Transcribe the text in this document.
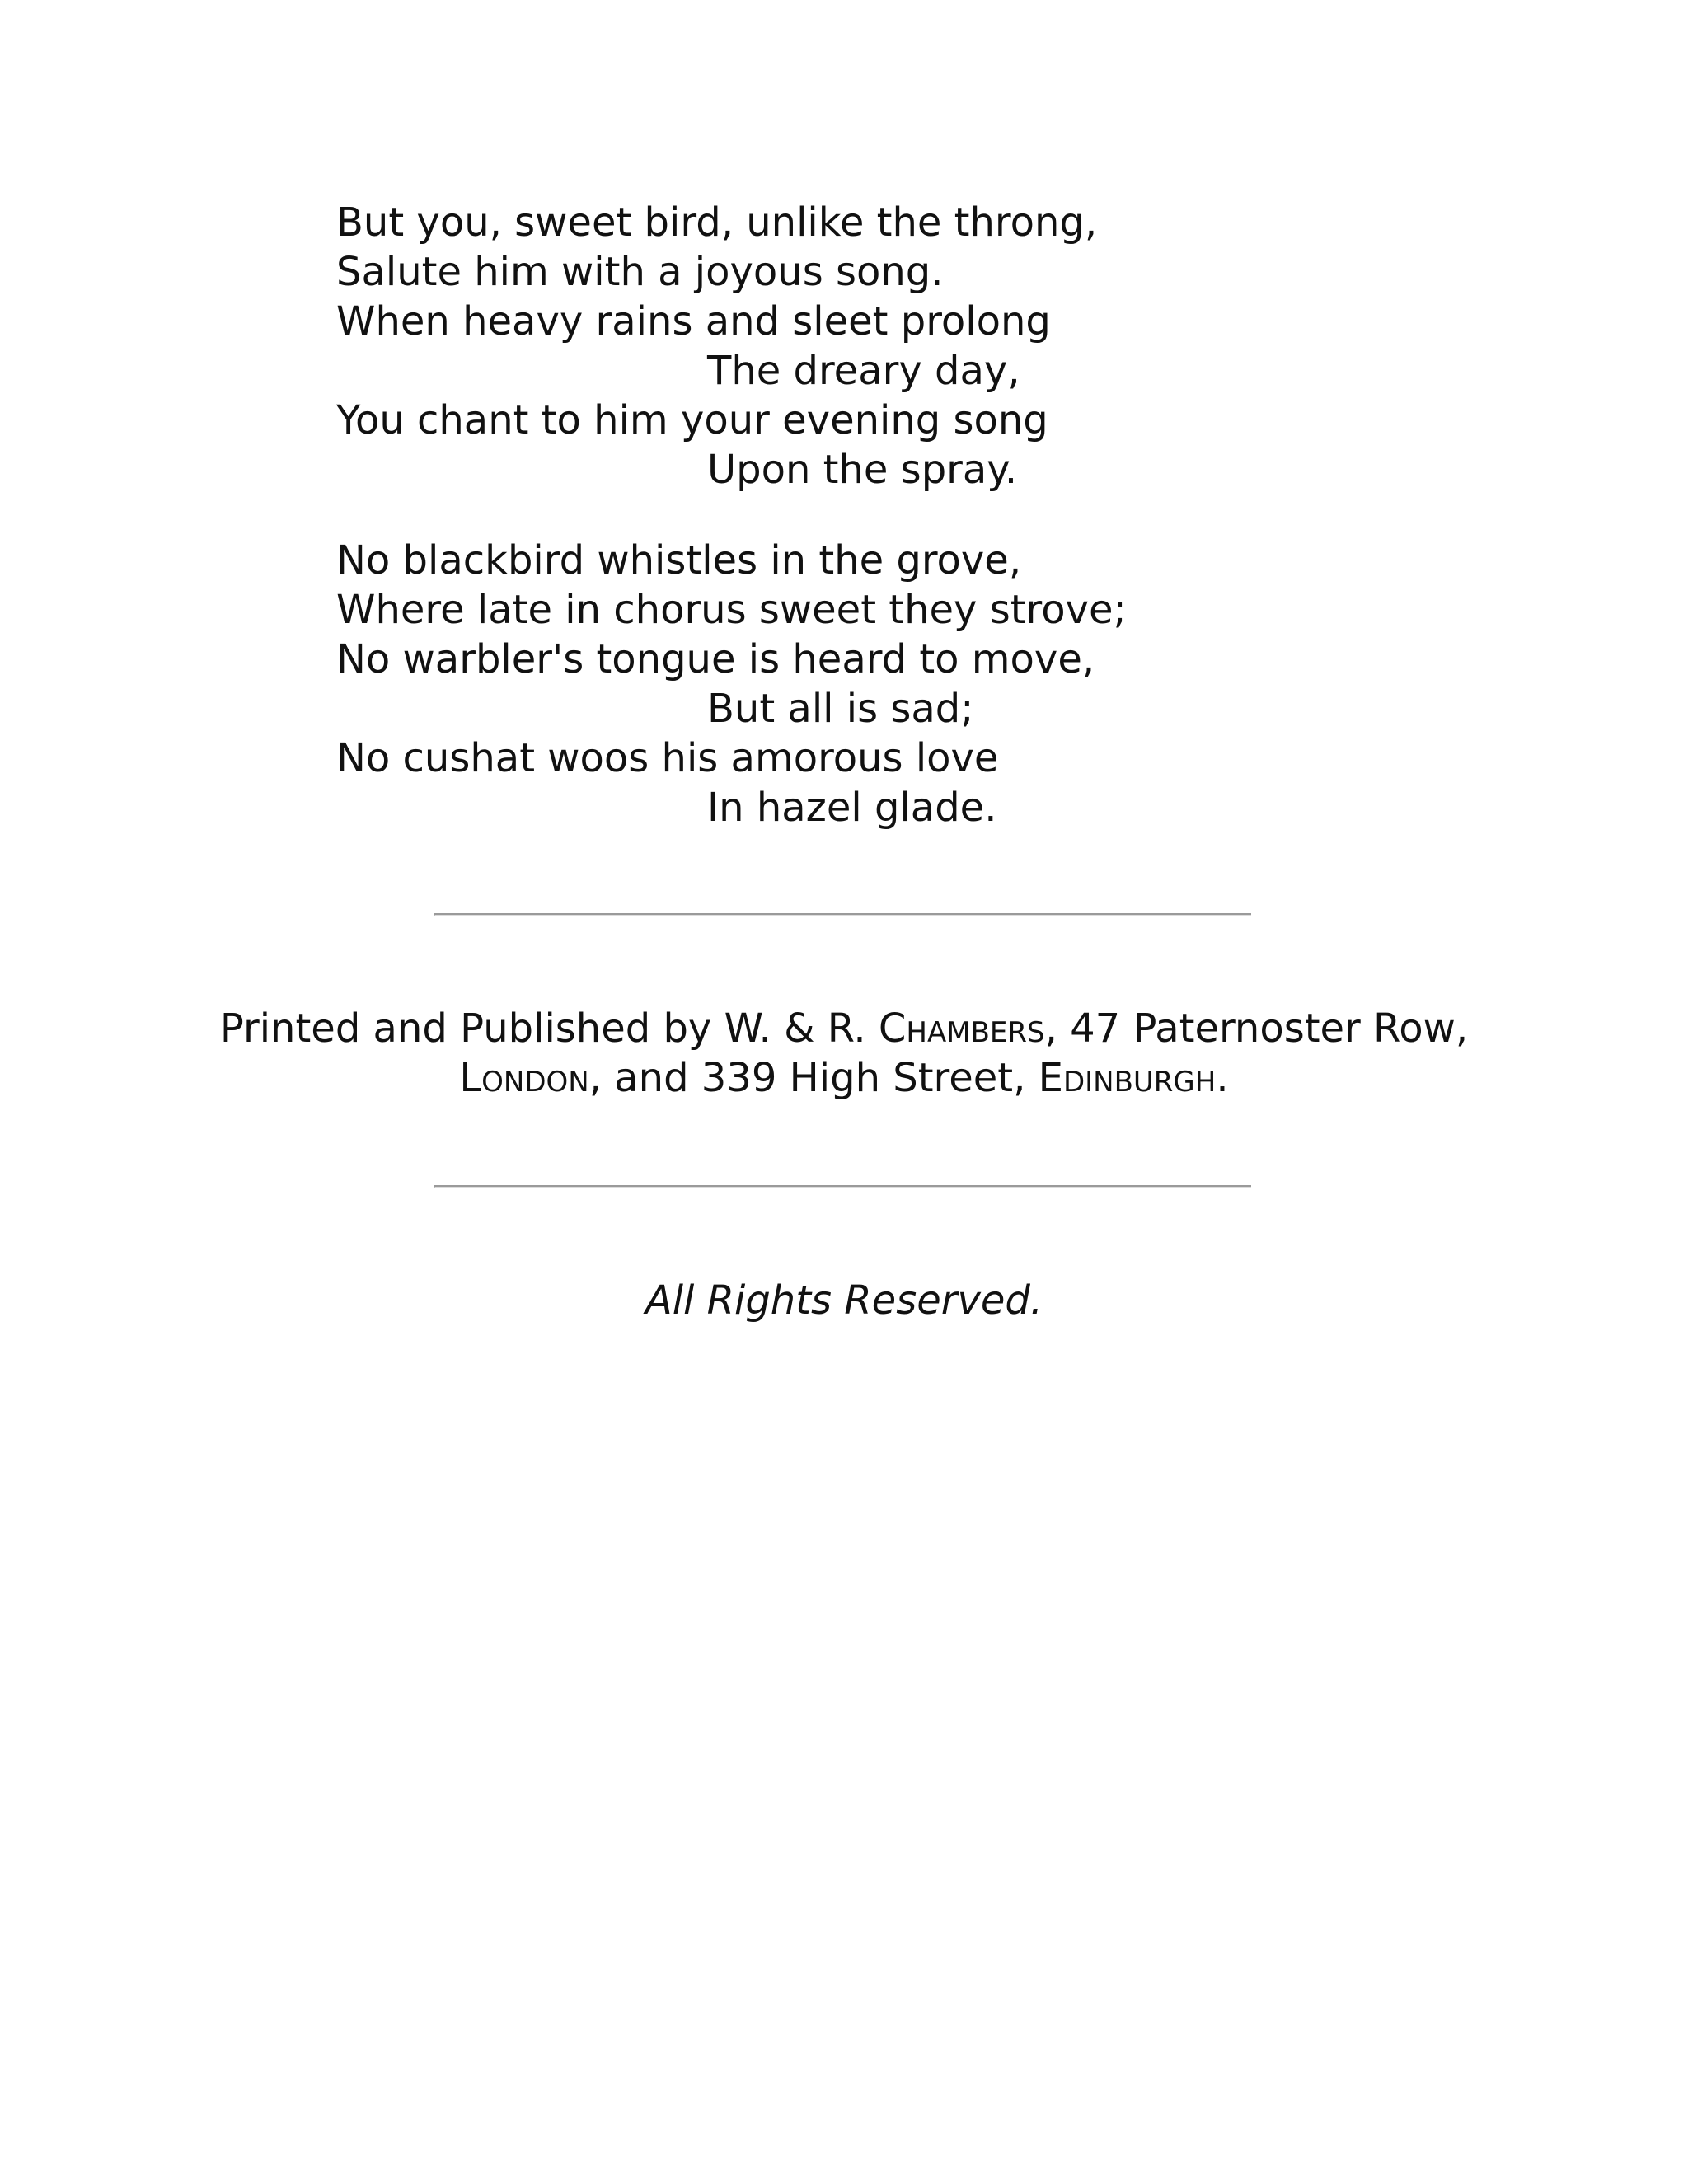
But you, sweet bird, unlike the throng,
Salute him with a joyous song.
When heavy rains and sleet prolong
The dreary day,
You chant to him your evening song
Upon the spray.
No blackbird whistles in the grove,
Where late in chorus sweet they strove;
No warbler's tongue is heard to move,
But all is sad;
No cushat woos his amorous love
In hazel glade.

Printed and Published by W. & R. Chambers, 47 Paternoster Row,
London, and 339 High Street, Edinburgh.

All Rights Reserved.
